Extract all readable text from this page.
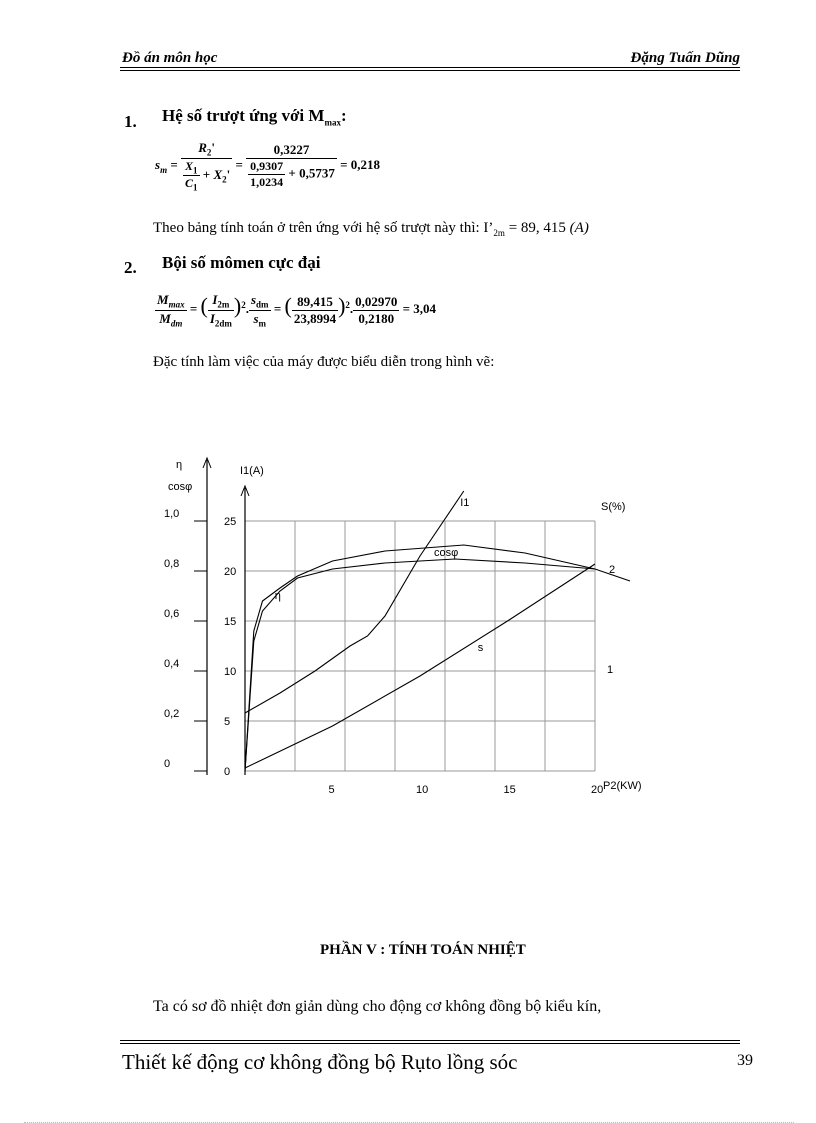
Đồ án môn học	Đặng Tuấn Dũng
1. Hệ số trượt ứng với $M_{max}$:
$s_m = \frac{R_2'}{\frac{X_1}{C_1} + X_2'} = \frac{0,3227}{\frac{0,9307}{1,0234} + 0,5737} = 0,218$
Theo bảng tính toán ở trên ứng với hệ số trượt này thì: $I’_{2m} = 89$, 415 (A)
2. Bội số mômen cực đại
$\frac{M_{max}}{M_{dm}}$ = ( $\frac{I_{2m}}{I_{2dm}} )^2$. $\frac{s_{dm}}{s_m}$ = ( $\frac{89,415}{23,8994} )^2$. $\frac{0,02970}{0,2180} = 3,04$
Đặc tính làm việc của máy được biểu diễn trong hình vẽ:
1,0
0,8
0,6
0,4
0,2
0
25
20
15
10
5
0
5	10	15	20 P2(KW)
η
cosφ
I1(A)
S(%)
2
1
I1
cosφ
η
s
PHẦN V : TÍNH TOÁN NHIỆT
Ta có sơ đồ nhiệt đơn giản dùng cho động cơ không đồng bộ kiểu kín,
Thiết kế động cơ không đồng bộ Rụto lồng sóc	39
